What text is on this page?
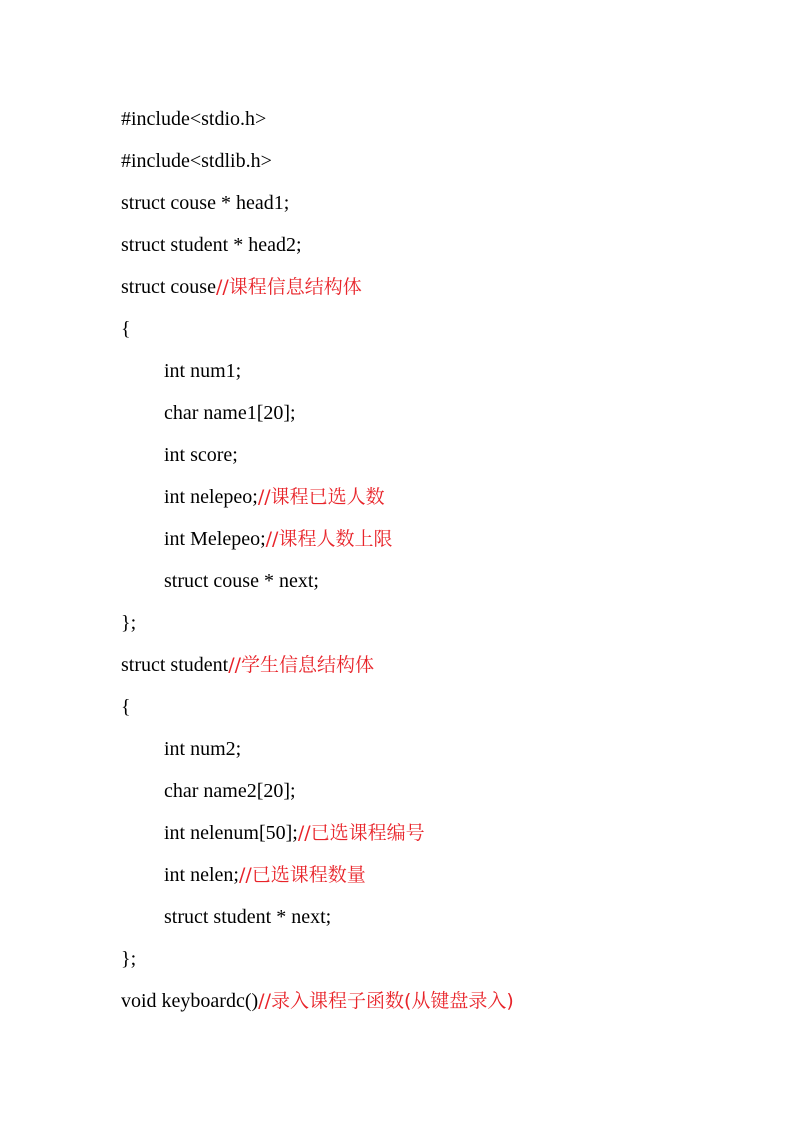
#include<stdio.h>
#include<stdlib.h>
struct couse * head1;
struct student * head2;
struct couse//课程信息结构体
{
int num1;
char name1[20];
int score;
int nelepeo;//课程已选人数
int Melepeo;//课程人数上限
struct couse * next;
};
struct student//学生信息结构体
{
int num2;
char name2[20];
int nelenum[50];//已选课程编号
int nelen;//已选课程数量
struct student * next;
};
void keyboardc()//录入课程子函数(从键盘录入)
